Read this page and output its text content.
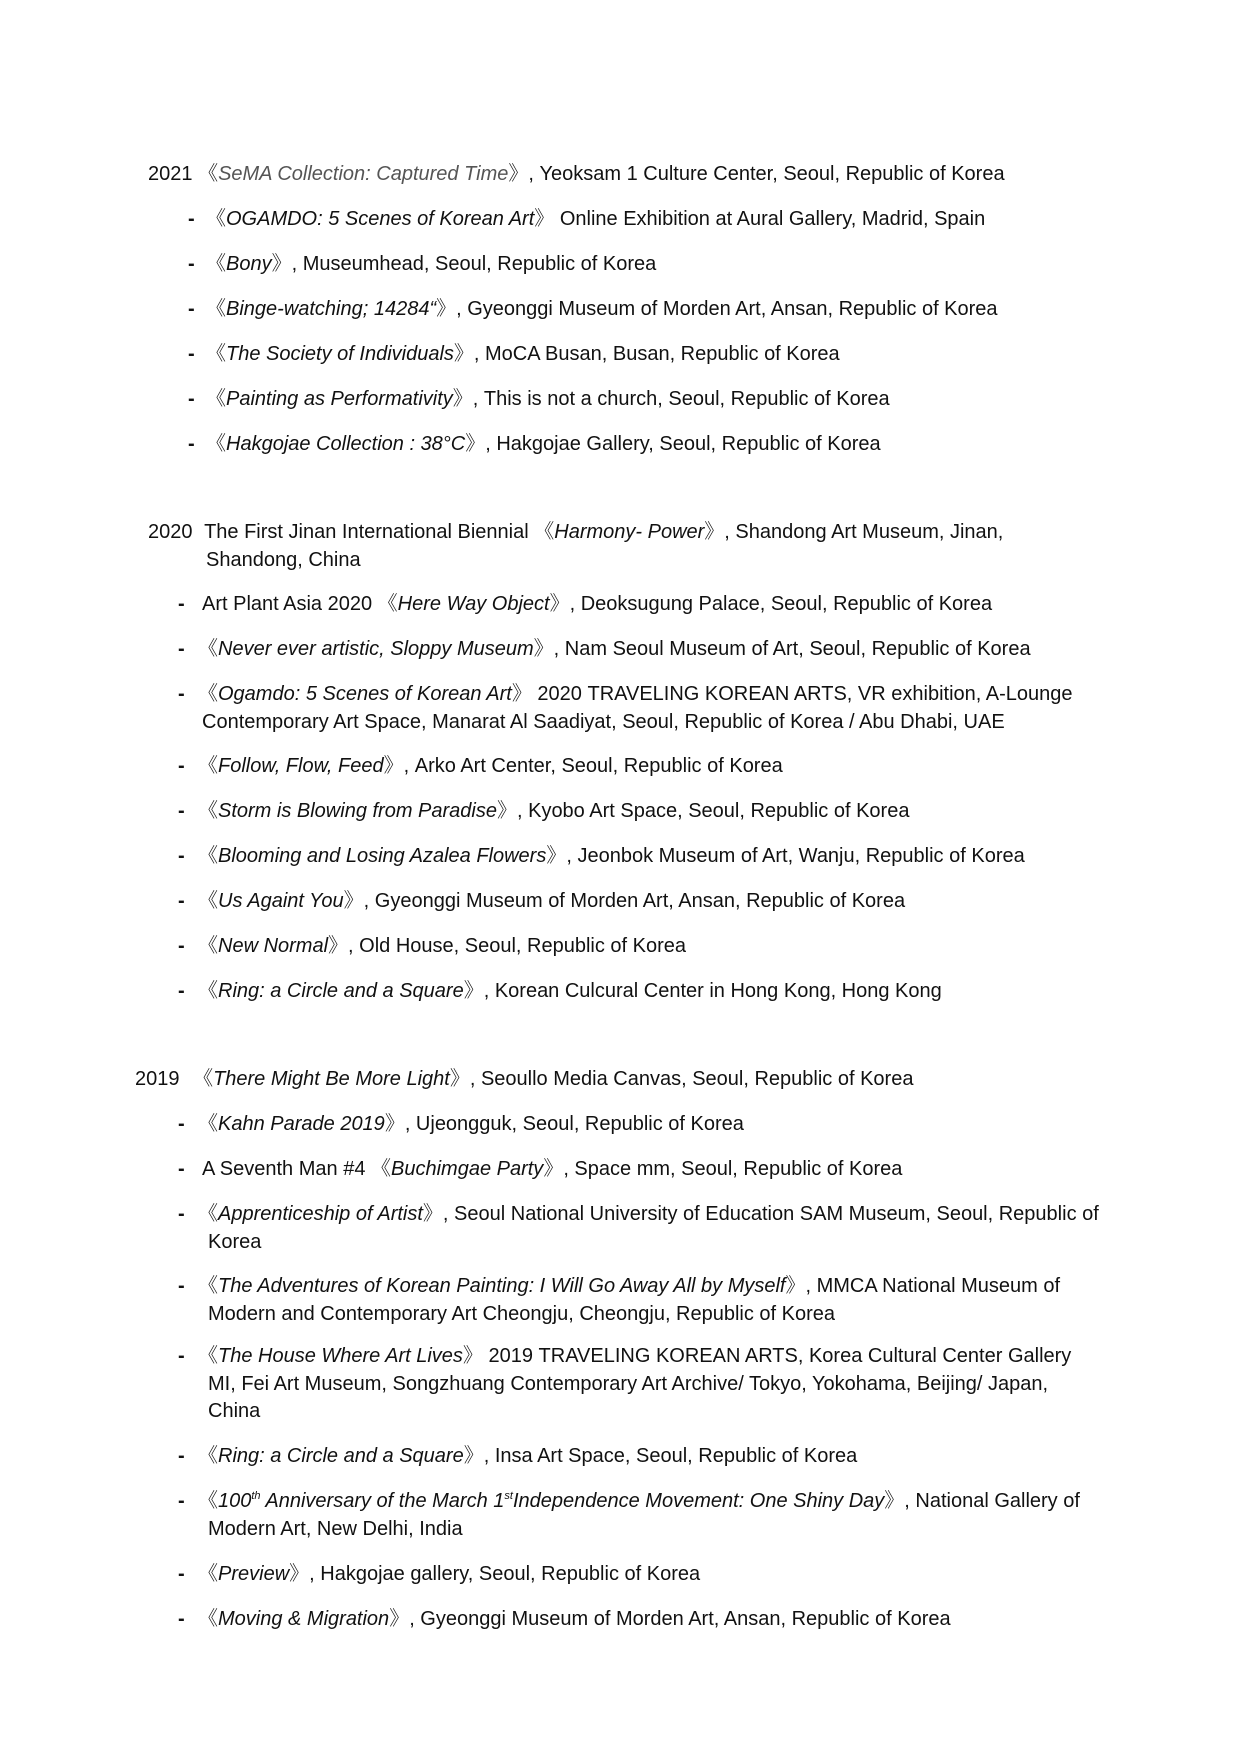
2021 《SeMA Collection: Captured Time》, Yeoksam 1 Culture Center, Seoul, Republic of Korea
- 《OGAMDO: 5 Scenes of Korean Art》 Online Exhibition at Aural Gallery, Madrid, Spain
- 《Bony》, Museumhead, Seoul, Republic of Korea
- 《Binge-watching; 14284“》, Gyeonggi Museum of Morden Art, Ansan, Republic of Korea
- 《The Society of Individuals》, MoCA Busan, Busan, Republic of Korea
- 《Painting as Performativity》, This is not a church, Seoul, Republic of Korea
- 《Hakgojae Collection : 38°C》, Hakgojae Gallery, Seoul, Republic of Korea
2020 The First Jinan International Biennial 《Harmony- Power》, Shandong Art Museum, Jinan,
Shandong, China
- Art Plant Asia 2020 《Here Way Object》, Deoksugung Palace, Seoul, Republic of Korea
- 《Never ever artistic, Sloppy Museum》, Nam Seoul Museum of Art, Seoul, Republic of Korea
- 《Ogamdo: 5 Scenes of Korean Art》 2020 TRAVELING KOREAN ARTS, VR exhibition, A-Lounge
Contemporary Art Space, Manarat Al Saadiyat, Seoul, Republic of Korea / Abu Dhabi, UAE
- 《Follow, Flow, Feed》, Arko Art Center, Seoul, Republic of Korea
- 《Storm is Blowing from Paradise》, Kyobo Art Space, Seoul, Republic of Korea
- 《Blooming and Losing Azalea Flowers》, Jeonbok Museum of Art, Wanju, Republic of Korea
- 《Us Againt You》, Gyeonggi Museum of Morden Art, Ansan, Republic of Korea
- 《New Normal》, Old House, Seoul, Republic of Korea
- 《Ring: a Circle and a Square》, Korean Culcural Center in Hong Kong, Hong Kong
2019 《There Might Be More Light》, Seoullo Media Canvas, Seoul, Republic of Korea
- 《Kahn Parade 2019》, Ujeongguk, Seoul, Republic of Korea
- A Seventh Man #4 《Buchimgae Party》, Space mm, Seoul, Republic of Korea
- 《Apprenticeship of Artist》, Seoul National University of Education SAM Museum, Seoul, Republic of
Korea
- 《The Adventures of Korean Painting: I Will Go Away All by Myself》, MMCA National Museum of
Modern and Contemporary Art Cheongju, Cheongju, Republic of Korea
- 《The House Where Art Lives》 2019 TRAVELING KOREAN ARTS, Korea Cultural Center Gallery
MI, Fei Art Museum, Songzhuang Contemporary Art Archive/ Tokyo, Yokohama, Beijing/ Japan,
China
- 《Ring: a Circle and a Square》, Insa Art Space, Seoul, Republic of Korea
- 《100th Anniversary of the March 1stIndependence Movement: One Shiny Day》, National Gallery of
Modern Art, New Delhi, India
- 《Preview》, Hakgojae gallery, Seoul, Republic of Korea
- 《Moving & Migration》, Gyeonggi Museum of Morden Art, Ansan, Republic of Korea
